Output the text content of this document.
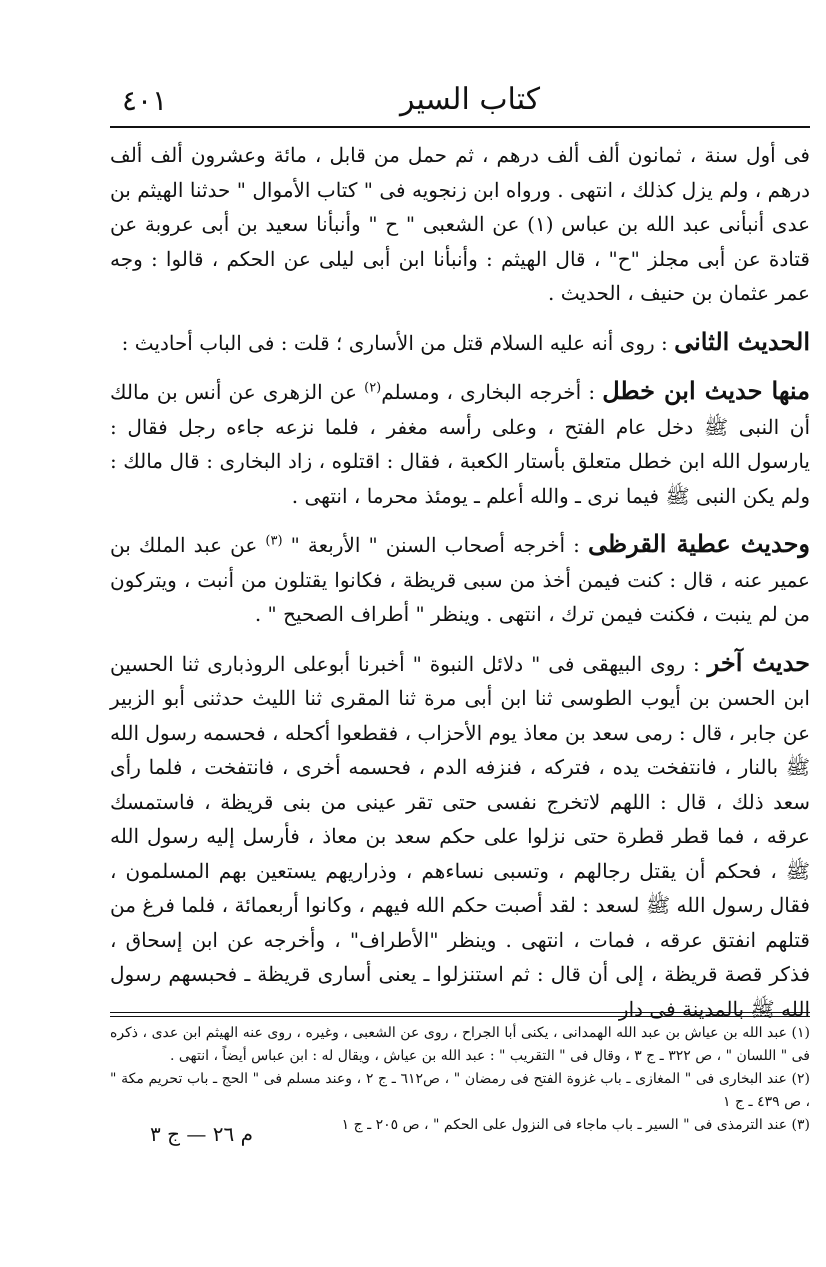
٤٠١	كتاب السير

فى أول سنة ، ثمانون ألف ألف درهم ، ثم حمل من قابل ، مائة وعشرون ألف ألف درهم ، ولم يزل كذلك ، انتهى . ورواه ابن زنجويه فى " كتاب الأموال " حدثنا الهيثم بن عدى أنبأنى عبد الله بن عباس (١) عن الشعبى " ح " وأنبأنا سعيد بن أبى عروبة عن قتادة عن أبى مجلز "ح" ، قال الهيثم : وأنبأنا ابن أبى ليلى عن الحكم ، قالوا : وجه عمر عثمان بن حنيف ، الحديث .

الحديث الثانى : روى أنه عليه السلام قتل من الأسارى ؛ قلت : فى الباب أحاديث :

منها حديث ابن خطل : أخرجه البخارى ، ومسلم$^{(٢)}$ عن الزهرى عن أنس بن مالك أن النبى ﷺ دخل عام الفتح ، وعلى رأسه مغفر ، فلما نزعه جاءه رجل فقال : يارسول الله ابن خطل متعلق بأستار الكعبة ، فقال : اقتلوه ، زاد البخارى : قال مالك : ولم يكن النبى ﷺ فيما نرى ـ والله أعلم ـ يومئذ محرما ، انتهى .

وحديث عطية القرظى : أخرجه أصحاب السنن " الأربعة " $^{(٣)}$ عن عبد الملك بن عمير عنه ، قال : كنت فيمن أخذ من سبى قريظة ، فكانوا يقتلون من أنبت ، ويتركون من لم ينبت ، فكنت فيمن ترك ، انتهى . وينظر " أطراف الصحيح " .

حديث آخر : روى البيهقى فى " دلائل النبوة " أخبرنا أبوعلى الروذبارى ثنا الحسين ابن الحسن بن أيوب الطوسى ثنا ابن أبى مرة ثنا المقرى ثنا الليث حدثنى أبو الزبير عن جابر ، قال : رمى سعد بن معاذ يوم الأحزاب ، فقطعوا أكحله ، فحسمه رسول الله ﷺ بالنار ، فانتفخت يده ، فتركه ، فنزفه الدم ، فحسمه أخرى ، فانتفخت ، فلما رأى سعد ذلك ، قال : اللهم لاتخرج نفسى حتى تقر عينى من بنى قريظة ، فاستمسك عرقه ، فما قطر قطرة حتى نزلوا على حكم سعد بن معاذ ، فأرسل إليه رسول الله ﷺ ، فحكم أن يقتل رجالهم ، وتسبى نساءهم ، وذراريهم يستعين بهم المسلمون ، فقال رسول الله ﷺ لسعد : لقد أصبت حكم الله فيهم ، وكانوا أربعمائة ، فلما فرغ من قتلهم انفتق عرقه ، فمات ، انتهى . وينظر "الأطراف" ، وأخرجه عن ابن إسحاق ، فذكر قصة قريظة ، إلى أن قال : ثم استنزلوا ـ يعنى أسارى قريظة ـ فحبسهم رسول الله ﷺ بالمدينة فى دار

(١) عبد الله بن عياش بن عبد الله الهمدانى ، يكنى أبا الجراح ، روى عن الشعبى ، وغيره ، روى عنه الهيثم ابن عدى ، ذكره فى " اللسان " ، ص ٣٢٢ ـ ج ٣ ، وقال فى " التقريب " : عبد الله بن عياش ، ويقال له : ابن عباس أيضاً ، انتهى .

(٢) عند البخارى فى " المغازى ـ باب غزوة الفتح فى رمضان " ، ص٦١٢ ـ ج ٢ ، وعند مسلم فى " الحج ـ باب تحريم مكة " ، ص ٤٣٩ ـ ج ١

(٣) عند الترمذى فى " السير ـ باب ماجاء فى النزول على الحكم " ، ص ٢٠٥ ـ ج ١

م ٢٦ — ج ٣
